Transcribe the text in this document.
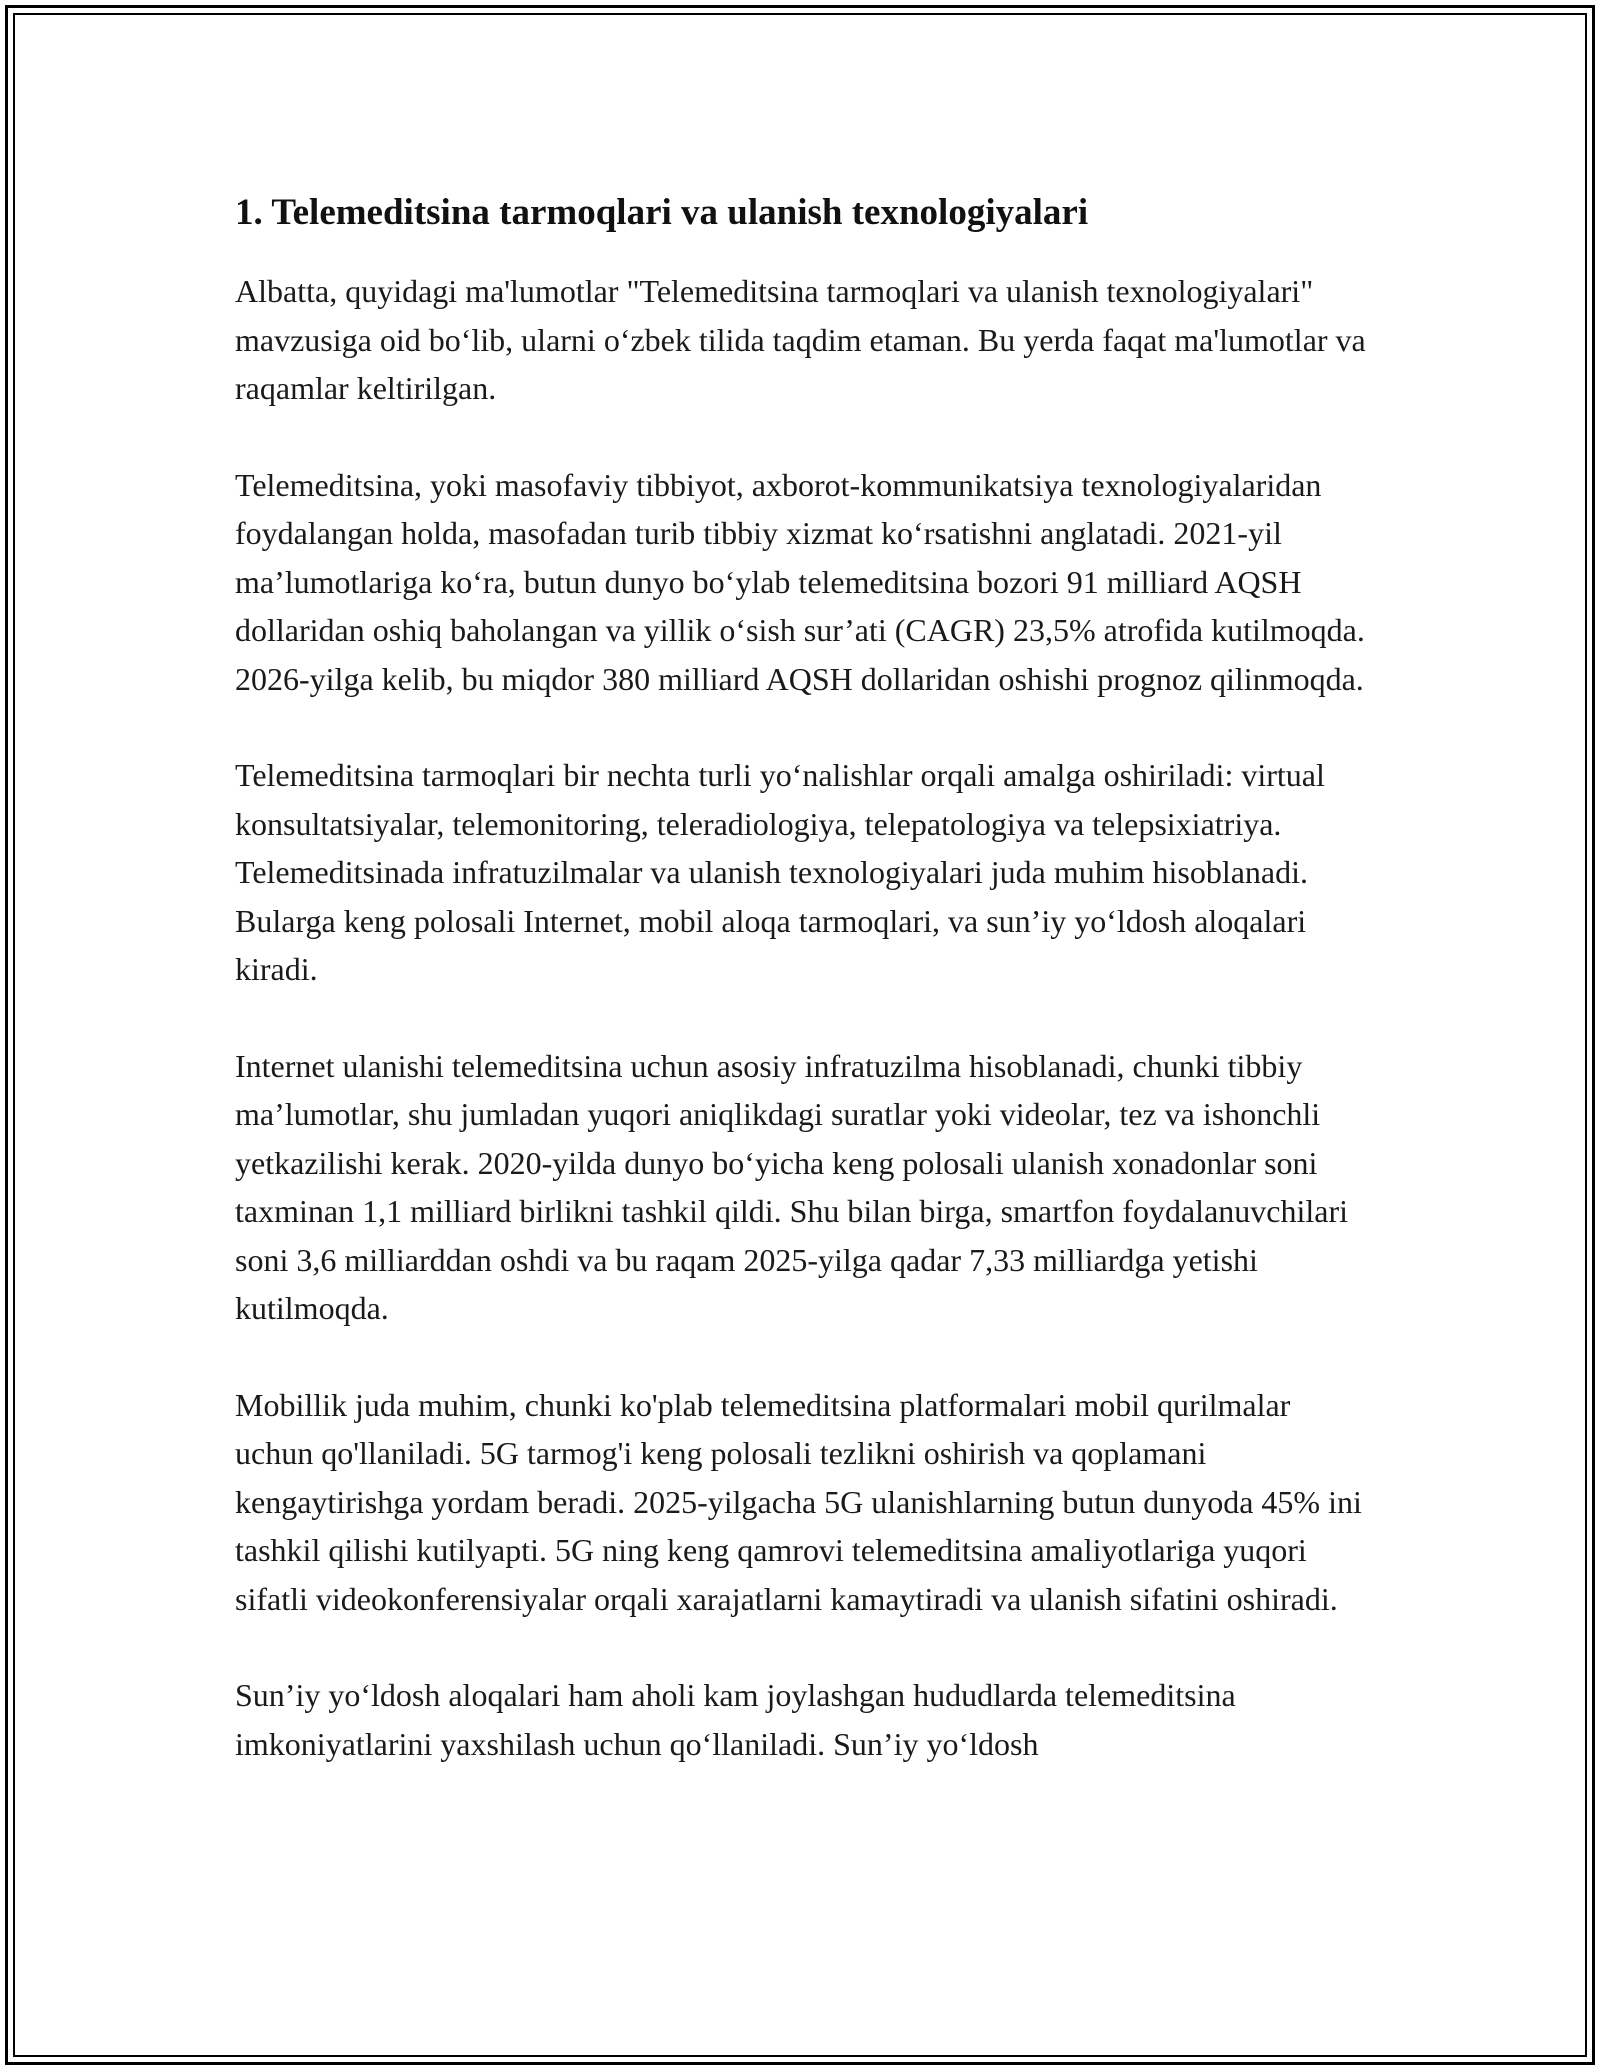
1. Telemeditsina tarmoqlari va ulanish texnologiyalari

Albatta, quyidagi ma'lumotlar "Telemeditsina tarmoqlari va ulanish texnologiyalari" mavzusiga oid bo‘lib, ularni o‘zbek tilida taqdim etaman. Bu yerda faqat ma'lumotlar va raqamlar keltirilgan.

Telemeditsina, yoki masofaviy tibbiyot, axborot-kommunikatsiya texnologiyalaridan foydalangan holda, masofadan turib tibbiy xizmat ko‘rsatishni anglatadi. 2021-yil ma’lumotlariga ko‘ra, butun dunyo bo‘ylab telemeditsina bozori 91 milliard AQSH dollaridan oshiq baholangan va yillik o‘sish sur’ati (CAGR) 23,5% atrofida kutilmoqda. 2026-yilga kelib, bu miqdor 380 milliard AQSH dollaridan oshishi prognoz qilinmoqda.

Telemeditsina tarmoqlari bir nechta turli yo‘nalishlar orqali amalga oshiriladi: virtual konsultatsiyalar, telemonitoring, teleradiologiya, telepatologiya va telepsixiatriya. Telemeditsinada infratuzilmalar va ulanish texnologiyalari juda muhim hisoblanadi. Bularga keng polosali Internet, mobil aloqa tarmoqlari, va sun’iy yo‘ldosh aloqalari kiradi.

Internet ulanishi telemeditsina uchun asosiy infratuzilma hisoblanadi, chunki tibbiy ma’lumotlar, shu jumladan yuqori aniqlikdagi suratlar yoki videolar, tez va ishonchli yetkazilishi kerak. 2020-yilda dunyo bo‘yicha keng polosali ulanish xonadonlar soni taxminan 1,1 milliard birlikni tashkil qildi. Shu bilan birga, smartfon foydalanuvchilari soni 3,6 milliarddan oshdi va bu raqam 2025-yilga qadar 7,33 milliardga yetishi kutilmoqda.

Mobillik juda muhim, chunki ko'plab telemeditsina platformalari mobil qurilmalar uchun qo'llaniladi. 5G tarmog'i keng polosali tezlikni oshirish va qoplamani kengaytirishga yordam beradi. 2025-yilgacha 5G ulanishlarning butun dunyoda 45% ini tashkil qilishi kutilyapti. 5G ning keng qamrovi telemeditsina amaliyotlariga yuqori sifatli videokonferensiyalar orqali xarajatlarni kamaytiradi va ulanish sifatini oshiradi.

Sun’iy yo‘ldosh aloqalari ham aholi kam joylashgan hududlarda telemeditsina imkoniyatlarini yaxshilash uchun qo‘llaniladi. Sun’iy yo‘ldosh
